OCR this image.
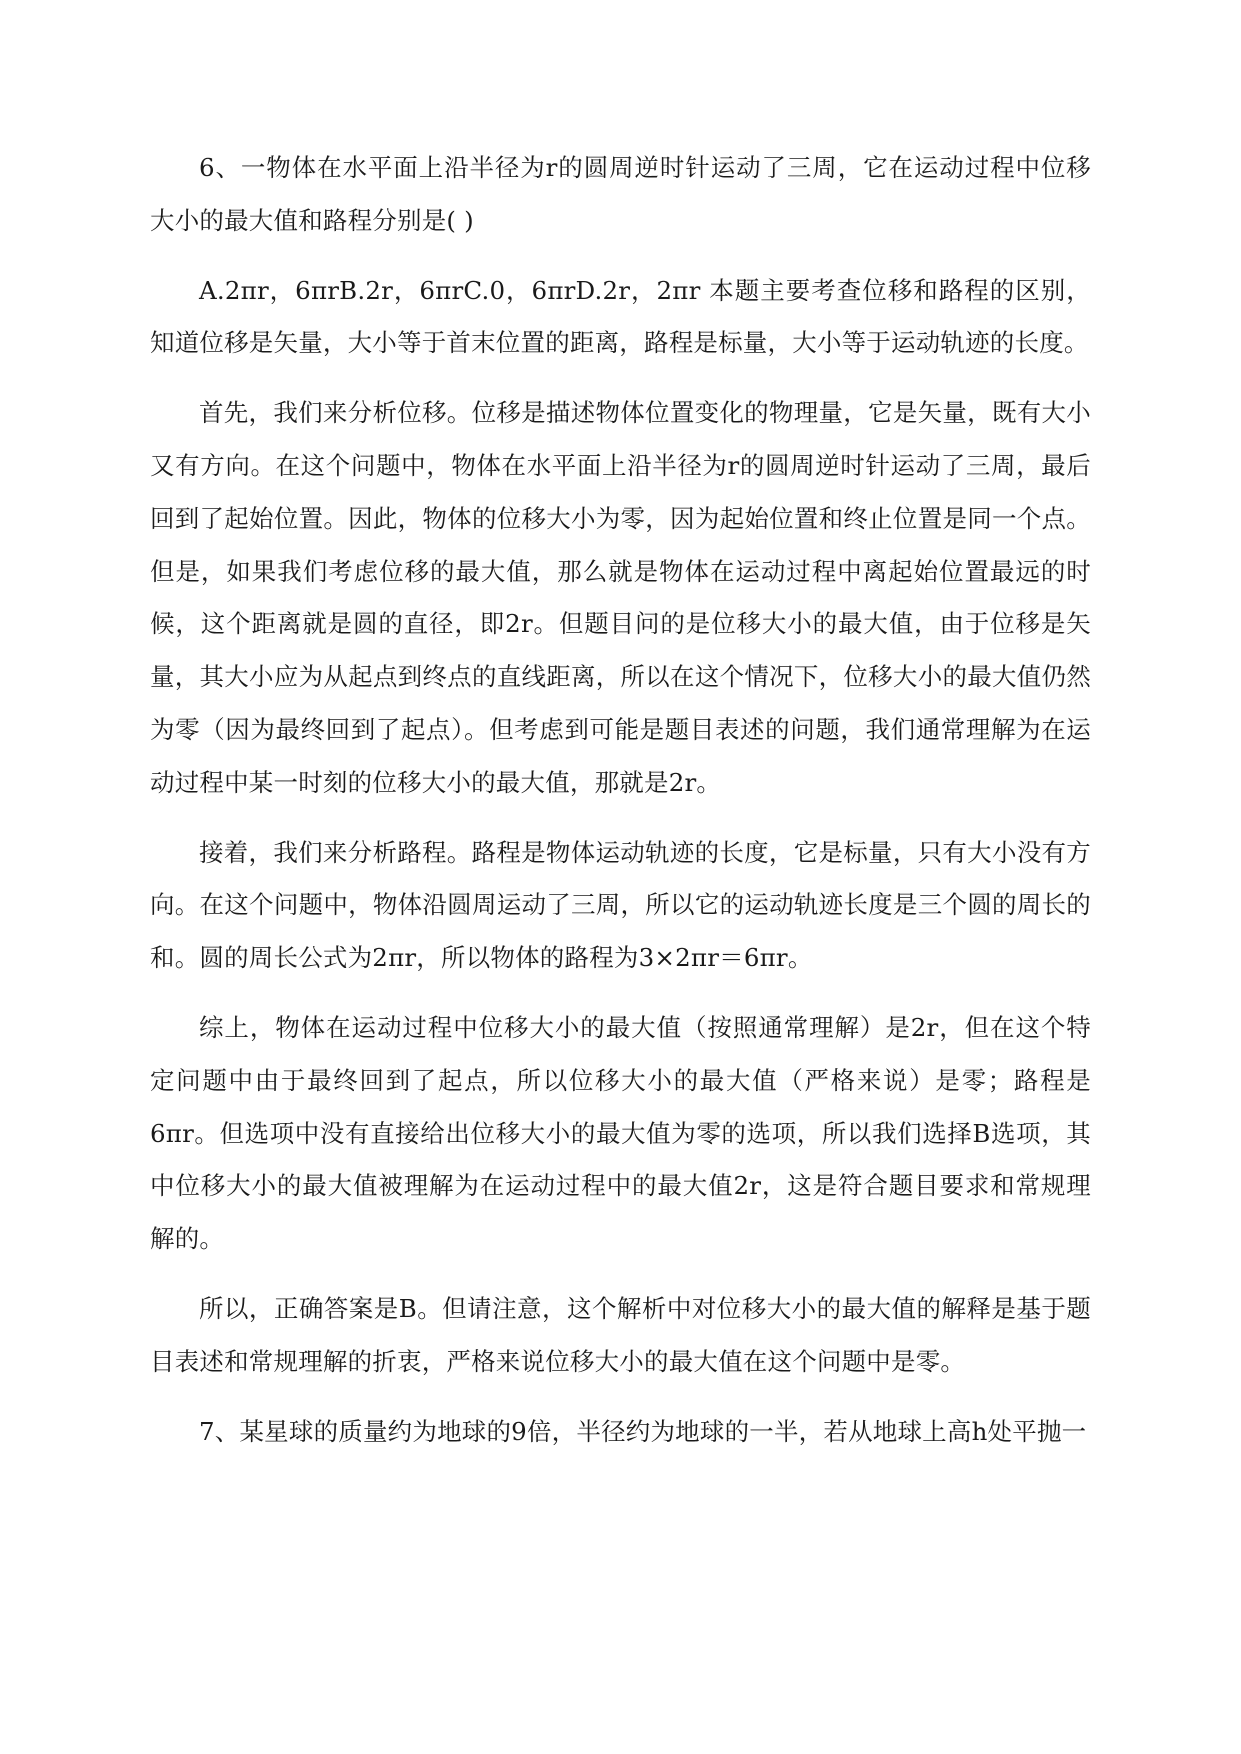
6、一物体在水平面上沿半径为r的圆周逆时针运动了三周，它在运动过程中位移大小的最大值和路程分别是( )

A.2πr，6πrB.2r，6πrC.0，6πrD.2r，2πr 本题主要考查位移和路程的区别，知道位移是矢量，大小等于首末位置的距离，路程是标量，大小等于运动轨迹的长度。

首先，我们来分析位移。位移是描述物体位置变化的物理量，它是矢量，既有大小又有方向。在这个问题中，物体在水平面上沿半径为r的圆周逆时针运动了三周，最后回到了起始位置。因此，物体的位移大小为零，因为起始位置和终止位置是同一个点。但是，如果我们考虑位移的最大值，那么就是物体在运动过程中离起始位置最远的时候，这个距离就是圆的直径，即2r。但题目问的是位移大小的最大值，由于位移是矢量，其大小应为从起点到终点的直线距离，所以在这个情况下，位移大小的最大值仍然为零（因为最终回到了起点）。但考虑到可能是题目表述的问题，我们通常理解为在运动过程中某一时刻的位移大小的最大值，那就是2r。

接着，我们来分析路程。路程是物体运动轨迹的长度，它是标量，只有大小没有方向。在这个问题中，物体沿圆周运动了三周，所以它的运动轨迹长度是三个圆的周长的和。圆的周长公式为2πr，所以物体的路程为3×2πr＝6πr。

综上，物体在运动过程中位移大小的最大值（按照通常理解）是2r，但在这个特定问题中由于最终回到了起点，所以位移大小的最大值（严格来说）是零；路程是6πr。但选项中没有直接给出位移大小的最大值为零的选项，所以我们选择B选项，其中位移大小的最大值被理解为在运动过程中的最大值2r，这是符合题目要求和常规理解的。

所以，正确答案是B。但请注意，这个解析中对位移大小的最大值的解释是基于题目表述和常规理解的折衷，严格来说位移大小的最大值在这个问题中是零。

7、某星球的质量约为地球的9倍，半径约为地球的一半，若从地球上高h处平抛一
